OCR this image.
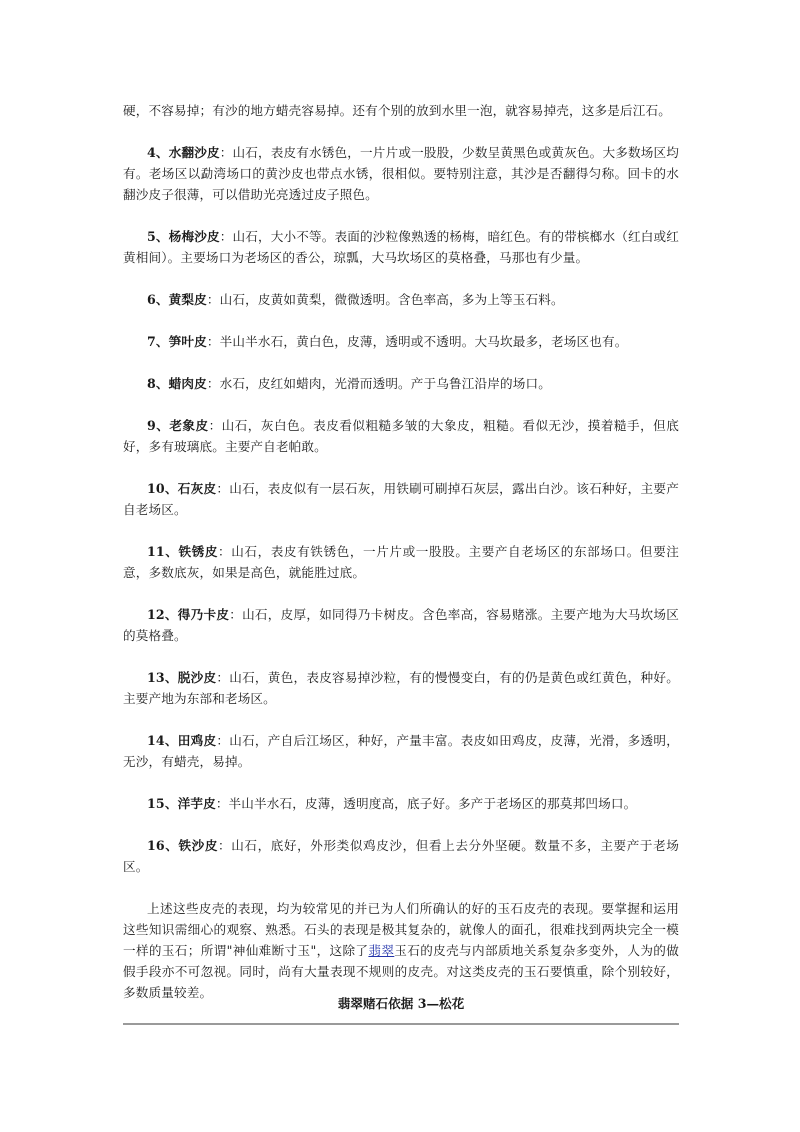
硬，不容易掉；有沙的地方蜡壳容易掉。还有个别的放到水里一泡，就容易掉壳，这多是后江石。

4、水翻沙皮：山石，表皮有水锈色，一片片或一股股，少数呈黄黑色或黄灰色。大多数场区均有。老场区以勐湾场口的黄沙皮也带点水锈，很相似。要特别注意，其沙是否翻得匀称。回卡的水翻沙皮子很薄，可以借助光亮透过皮子照色。

5、杨梅沙皮：山石，大小不等。表面的沙粒像熟透的杨梅，暗红色。有的带槟榔水（红白或红黄相间）。主要场口为老场区的香公，琼瓢，大马坎场区的莫格叠，马那也有少量。

6、黄梨皮：山石，皮黄如黄梨，微微透明。含色率高，多为上等玉石料。

7、笋叶皮：半山半水石，黄白色，皮薄，透明或不透明。大马坎最多，老场区也有。

8、蜡肉皮：水石，皮红如蜡肉，光滑而透明。产于乌鲁江沿岸的场口。

9、老象皮：山石，灰白色。表皮看似粗糙多皱的大象皮，粗糙。看似无沙，摸着糙手，但底好，多有玻璃底。主要产自老帕敢。

10、石灰皮：山石，表皮似有一层石灰，用铁刷可刷掉石灰层，露出白沙。该石种好，主要产自老场区。

11、铁锈皮：山石，表皮有铁锈色，一片片或一股股。主要产自老场区的东部场口。但要注意，多数底灰，如果是高色，就能胜过底。

12、得乃卡皮：山石，皮厚，如同得乃卡树皮。含色率高，容易赌涨。主要产地为大马坎场区的莫格叠。

13、脱沙皮：山石，黄色，表皮容易掉沙粒，有的慢慢变白，有的仍是黄色或红黄色，种好。主要产地为东部和老场区。

14、田鸡皮：山石，产自后江场区，种好，产量丰富。表皮如田鸡皮，皮薄，光滑，多透明，无沙，有蜡壳，易掉。

15、洋芋皮：半山半水石，皮薄，透明度高，底子好。多产于老场区的那莫邦凹场口。

16、铁沙皮：山石，底好，外形类似鸡皮沙，但看上去分外坚硬。数量不多，主要产于老场区。

上述这些皮壳的表现，均为较常见的并已为人们所确认的好的玉石皮壳的表现。要掌握和运用这些知识需细心的观察、熟悉。石头的表现是极其复杂的，就像人的面孔，很难找到两块完全一模一样的玉石；所谓"神仙难断寸玉"，这除了翡翠玉石的皮壳与内部质地关系复杂多变外，人为的做假手段亦不可忽视。同时，尚有大量表现不规则的皮壳。对这类皮壳的玉石要慎重，除个别较好，多数质量较差。

翡翠赌石依据 3—松花
